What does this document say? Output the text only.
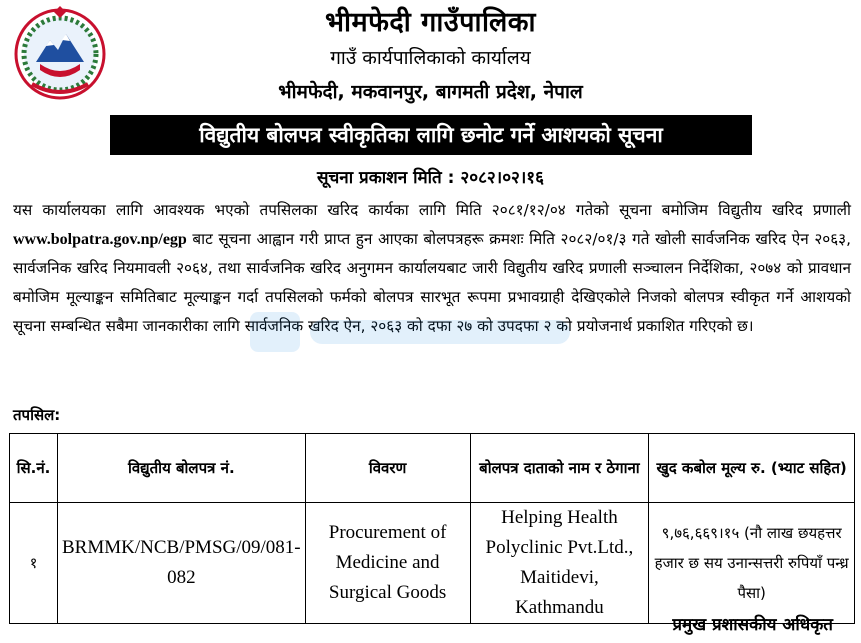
भीमफेदी गाउँपालिका
गाउँ कार्यपालिकाको कार्यालय
भीमफेदी, मकवानपुर, बागमती प्रदेश, नेपाल
विद्युतीय बोलपत्र स्वीकृतिका लागि छनोट गर्ने आशयको सूचना
सूचना प्रकाशन मिति : २०८२।०२।१६
यस कार्यालयका लागि आवश्यक भएको तपसिलका खरिद कार्यका लागि मिति २०८१/१२/०४ गतेको सूचना बमोजिम विद्युतीय खरिद प्रणाली www.bolpatra.gov.np/egp बाट सूचना आह्वान गरी प्राप्त हुन आएका बोलपत्रहरू क्रमशः मिति २०८२/०१/३ गते खोली सार्वजनिक खरिद ऐन २०६३, सार्वजनिक खरिद नियमावली २०६४, तथा सार्वजनिक खरिद अनुगमन कार्यालयबाट जारी विद्युतीय खरिद प्रणाली सञ्चालन निर्देशिका, २०७४ को प्रावधान बमोजिम मूल्याङ्कन समितिबाट मूल्याङ्कन गर्दा तपसिलको फर्मको बोलपत्र सारभूत रूपमा प्रभावग्राही देखिएकोले निजको बोलपत्र स्वीकृत गर्ने आशयको सूचना सम्बन्धित सबैमा जानकारीका लागि सार्वजनिक खरिद ऐन, २०६३ को दफा २७ को उपदफा २ को प्रयोजनार्थ प्रकाशित गरिएको छ।
तपसिल:
सि.नं.	विद्युतीय बोलपत्र नं.	विवरण	बोलपत्र दाताको नाम र ठेगाना	खुद कबोल मूल्य रु. (भ्याट सहित)
१	BRMMK/NCB/PMSG/09/081-082	Procurement of Medicine and Surgical Goods	Helping Health Polyclinic Pvt.Ltd., Maitidevi, Kathmandu	९,७६,६६९।१५ (नौ लाख छयहत्तर हजार छ सय उनान्सत्तरी रुपियाँ पन्ध्र पैसा)
प्रमुख प्रशासकीय अधिकृत
